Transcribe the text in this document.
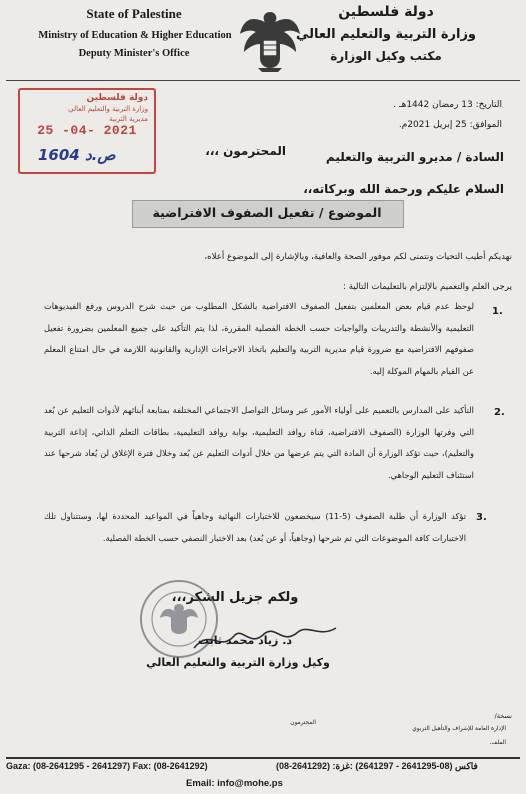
State of Palestine
Ministry of Education & Higher Education
Deputy Minister's Office
دولة فلسطين
وزارة التربية والتعليم العالي
مكتب وكيل الوزارة
دولة فلسطين
وزارة التربية والتعليم العالي
مديرية التربية
25 -04- 2021
1604 ص.د
التاريخ: 13 رمضان 1442هـ .
الموافق: 25 إبريل 2021م.
السادة / مديرو التربية والتعليم
المحترمون ،،،
السلام عليكم ورحمة الله وبركاته،،
الموضوع / تفعيل الصفوف الافتراضية
نهديكم أطيب التحيات ونتمنى لكم موفور الصحة والعافية، وبالإشارة إلى الموضوع أعلاه،
يرجى العلم والتعميم بالإلتزام بالتعليمات التالية :
1.
لوحظ عدم قيام بعض المعلمين بتفعيل الصفوف الافتراضية بالشكل المطلوب من حيث شرح الدروس ورفع الفيديوهات التعليمية والأنشطة والتدريبات والواجبات حسب الخطة الفصلية المقررة، لذا يتم التأكيد على جميع المعلمين بضرورة تفعيل صفوفهم الافتراضية مع ضرورة قيام مديرية التربية والتعليم باتخاذ الاجراءات الإدارية والقانونية اللازمة في حال امتناع المعلم عن القيام بالمهام الموكلة إليه.
2.
التأكيد على المدارس بالتعميم على أولياء الأمور عبر وسائل التواصل الاجتماعي المختلفة بمتابعة أبنائهم لأدوات التعليم عن بُعد التي وفرتها الوزارة (الصفوف الافتراضية، قناة روافد التعليمية، بوابة روافد التعليمية، بطاقات التعلم الذاتي، إذاعة التربية والتعليم)، حيث تؤكد الوزارة أن المادة التي يتم عرضها من خلال أدوات التعليم عن بُعد وخلال فترة الإغلاق لن يُعاد شرحها عند استئناف التعليم الوجاهي.
3.
تؤكد الوزارة أن طلبة الصفوف (5-11) سيخضعون للاختبارات النهائية وجاهياً في المواعيد المحددة لها، وستتناول تلك الاختبارات كافة الموضوعات التي تم شرحها (وجاهياً، أو عن بُعد) بعد الاختبار النصفي حسب الخطة الفصلية.
ولكم جزيل الشكر،،،
د. زياد محمد ثابت
وكيل وزارة التربية والتعليم العالي
نسخة/
الإدارة العامة للإشراف والتأهيل التربوي
المحترمون
الملف.
Gaza: (08-2641295 - 2641297) Fax: (08-2641292)	(08-2641292) :فاكس (08-2641295 - 2641297) :غزة
Email: info@mohe.ps
